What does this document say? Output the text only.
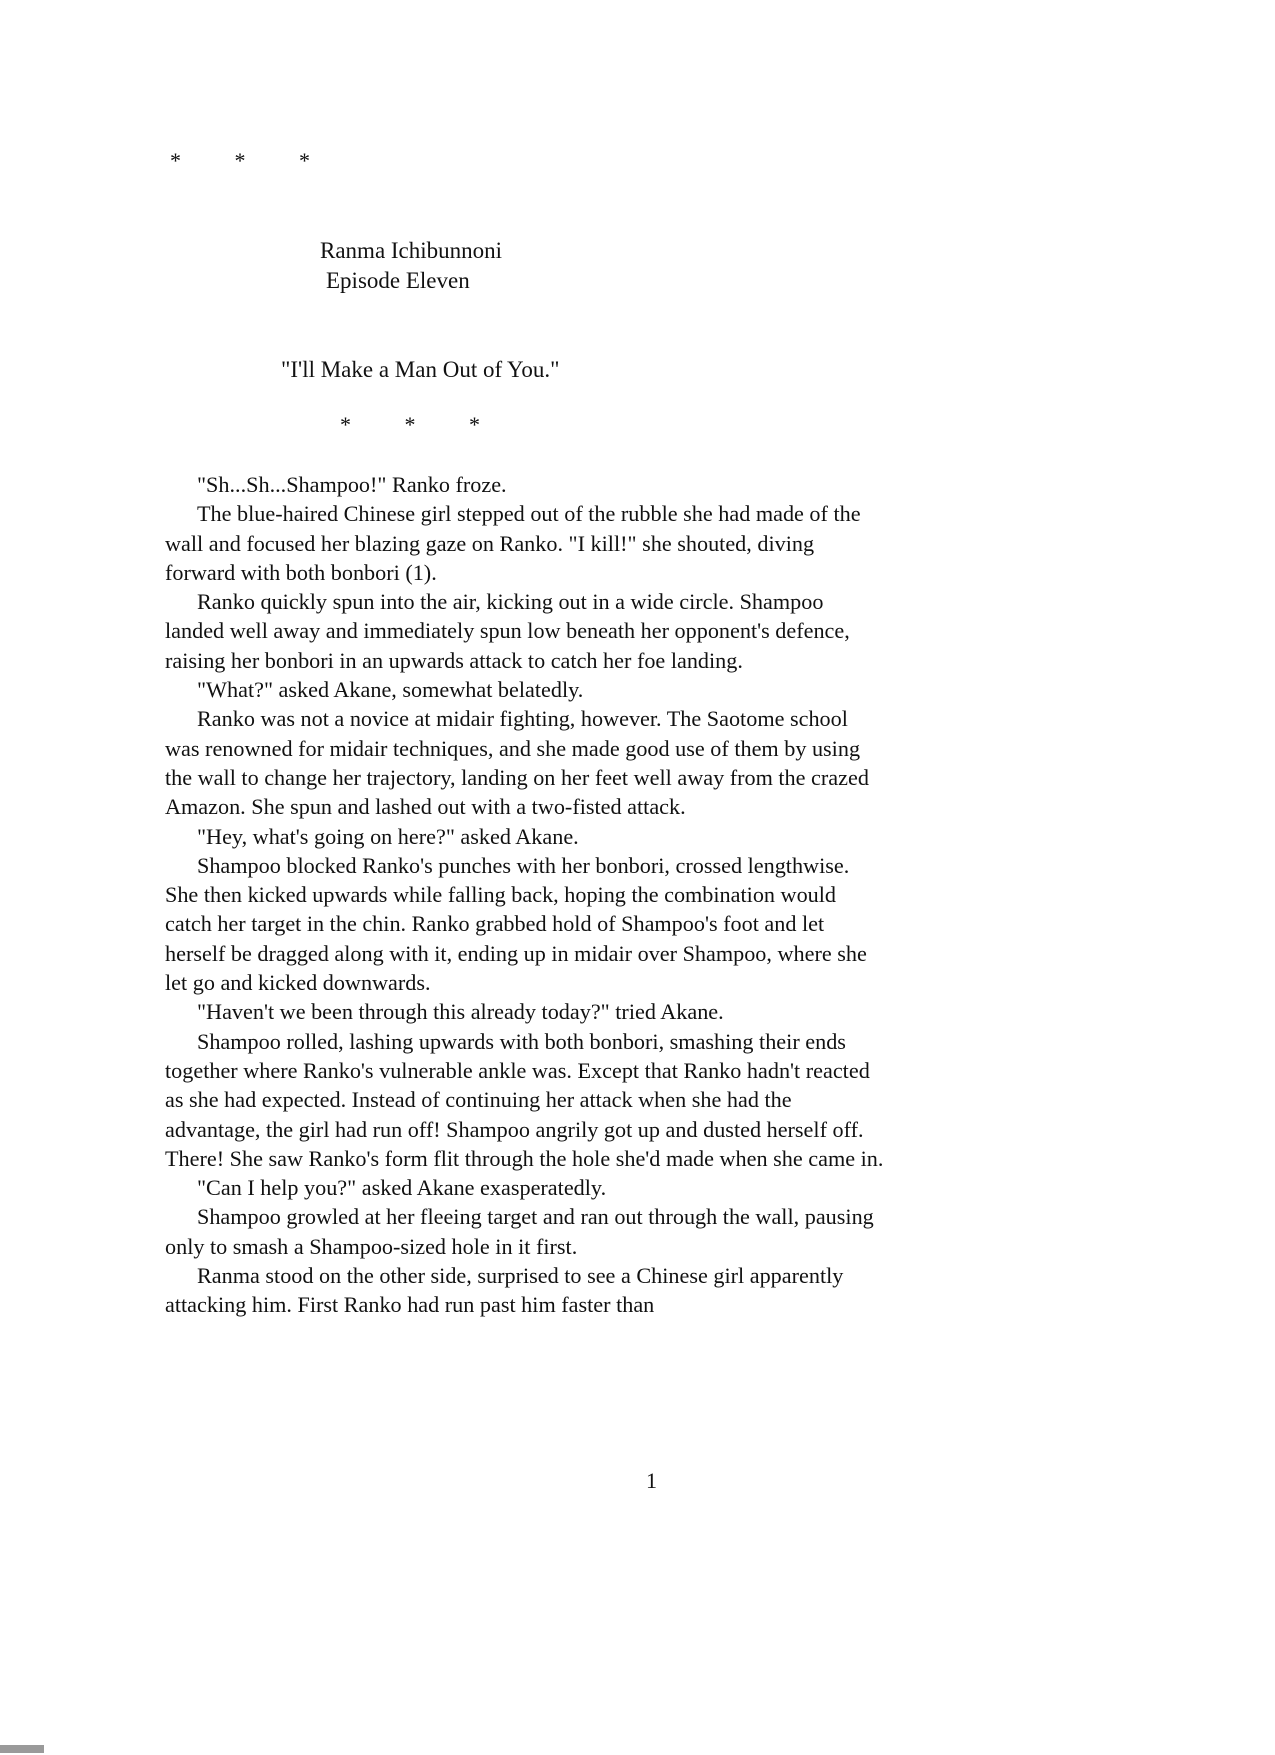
* * *
Ranma Ichibunnoni
Episode Eleven
"I'll Make a Man Out of You."
* * *

"Sh...Sh...Shampoo!" Ranko froze.

The blue-haired Chinese girl stepped out of the rubble she had made of the wall and focused her blazing gaze on Ranko. "I kill!" she shouted, diving forward with both bonbori (1).

Ranko quickly spun into the air, kicking out in a wide circle. Shampoo landed well away and immediately spun low beneath her opponent's defence, raising her bonbori in an upwards attack to catch her foe landing.

"What?" asked Akane, somewhat belatedly.

Ranko was not a novice at midair fighting, however. The Saotome school was renowned for midair techniques, and she made good use of them by using the wall to change her trajectory, landing on her feet well away from the crazed Amazon. She spun and lashed out with a two-fisted attack.

"Hey, what's going on here?" asked Akane.

Shampoo blocked Ranko's punches with her bonbori, crossed lengthwise. She then kicked upwards while falling back, hoping the combination would catch her target in the chin. Ranko grabbed hold of Shampoo's foot and let herself be dragged along with it, ending up in midair over Shampoo, where she let go and kicked downwards.

"Haven't we been through this already today?" tried Akane.

Shampoo rolled, lashing upwards with both bonbori, smashing their ends together where Ranko's vulnerable ankle was. Except that Ranko hadn't reacted as she had expected. Instead of continuing her attack when she had the advantage, the girl had run off! Shampoo angrily got up and dusted herself off. There! She saw Ranko's form flit through the hole she'd made when she came in.

"Can I help you?" asked Akane exasperatedly.

Shampoo growled at her fleeing target and ran out through the wall, pausing only to smash a Shampoo-sized hole in it first.

Ranma stood on the other side, surprised to see a Chinese girl apparently attacking him. First Ranko had run past him faster than

1
